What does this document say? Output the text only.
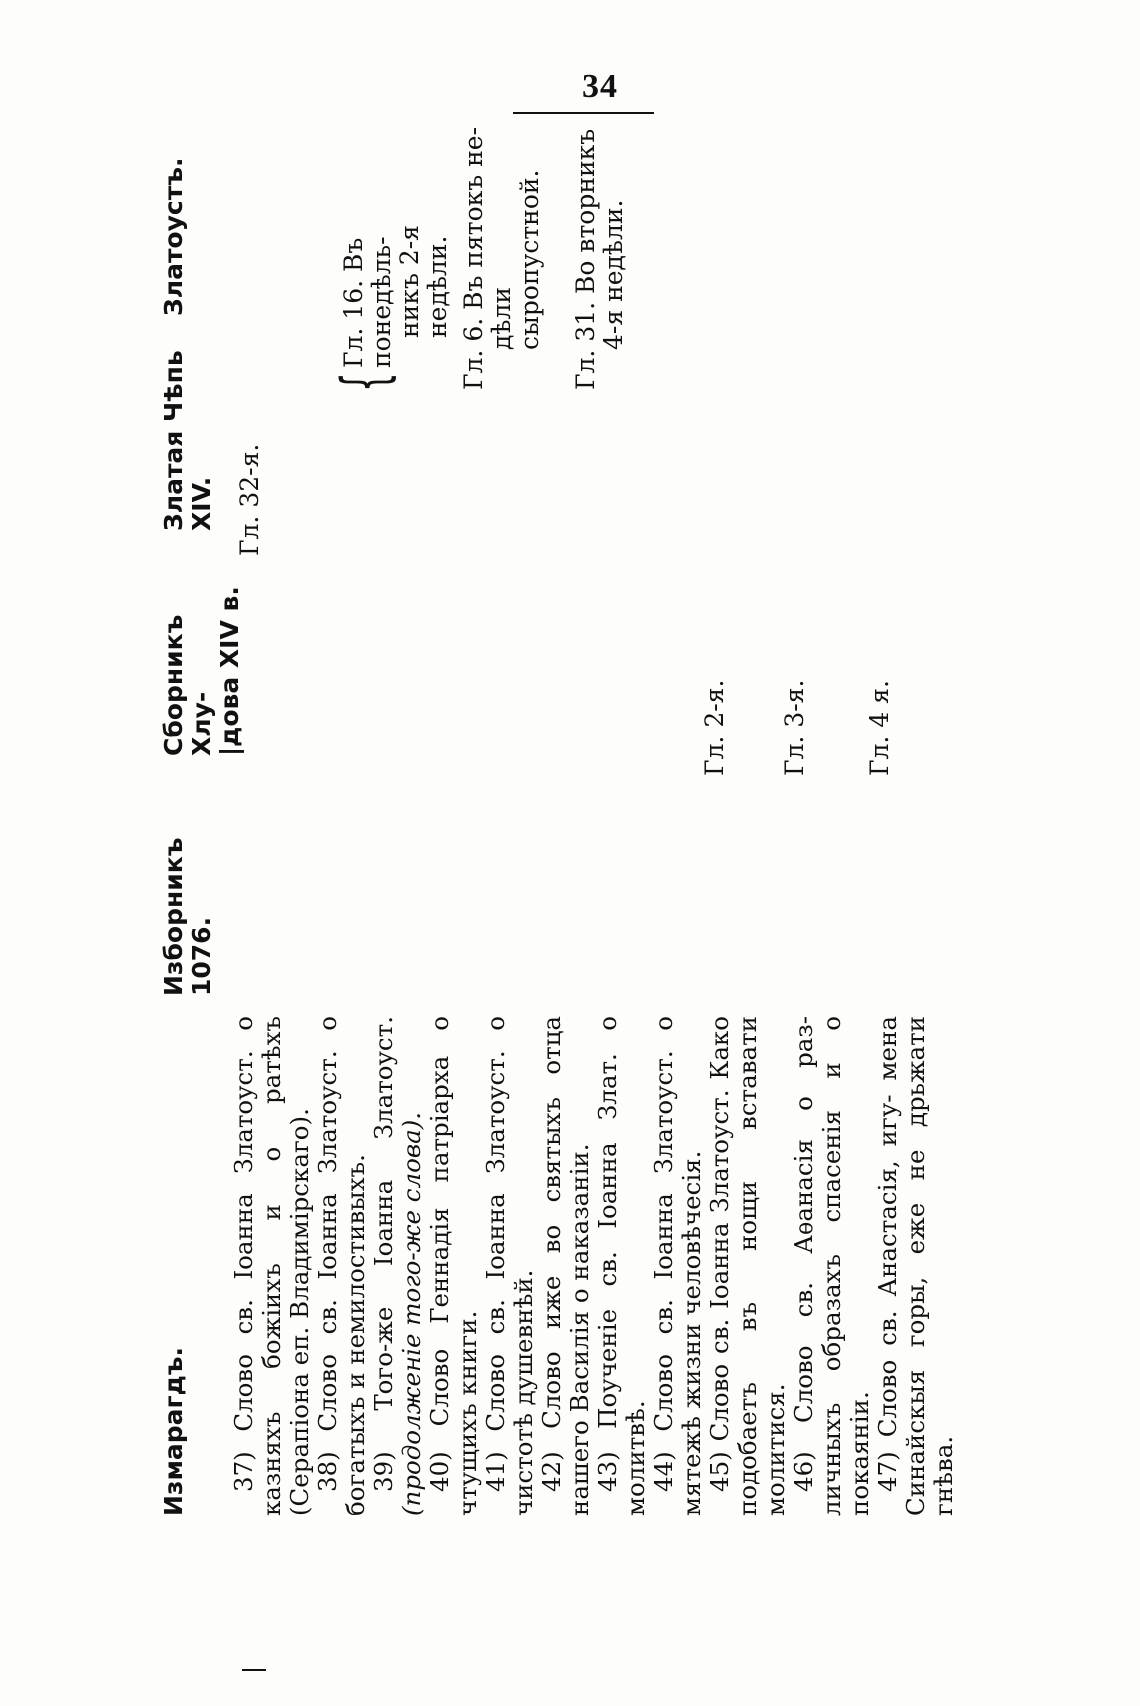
34
Измарагдъ.
Изборникъ 1076.
Сборникъ Хлу-
|дова XIV в.
Златая Чѣпь XIV.
Златоустъ.

37) Слово св. Іоанна Златоуст. о казняхъ божіихъ и о ратѣхъ (Серапіона еп. Владимірскаго). 38) Слово св. Іоанна Златоуст. о богатыхъ и немилостивыхъ. 39) Того-же Іоанна Златоуст. (продолженіе того-же слова). 40) Слово Геннадія патріарха о чтущихъ книги. 41) Слово св. Іоанна Златоуст. о чистотѣ душевнѣй. 42) Слово иже во святыхъ отца нашего Василія о наказаніи. 43) Поученіе св. Іоанна Злат. о молитвѣ. 44) Слово св. Іоанна Златоуст. о мятежѣ жизни человѣчесія. 45) Слово св. Іоанна Златоуст. Како подобаетъ въ нощи вставати молитися. 46) Слово св. Аѳанасія о раз- личныхъ образахъ спасенія и о покаяніи. 47) Слово св. Анастасія, игу- мена Синайскыя горы, еже не дрьжати гнѣва.

Гл. 2-я. Гл. 3-я. Гл. 4 я.
Гл. 32-я.
{
Гл. 16. Въ понедѣль- никъ 2-я недѣли. Гл. 6. Въ пятокъ не- дѣли сыропустной. Гл. 31. Во вторникъ 4-я недѣли.
